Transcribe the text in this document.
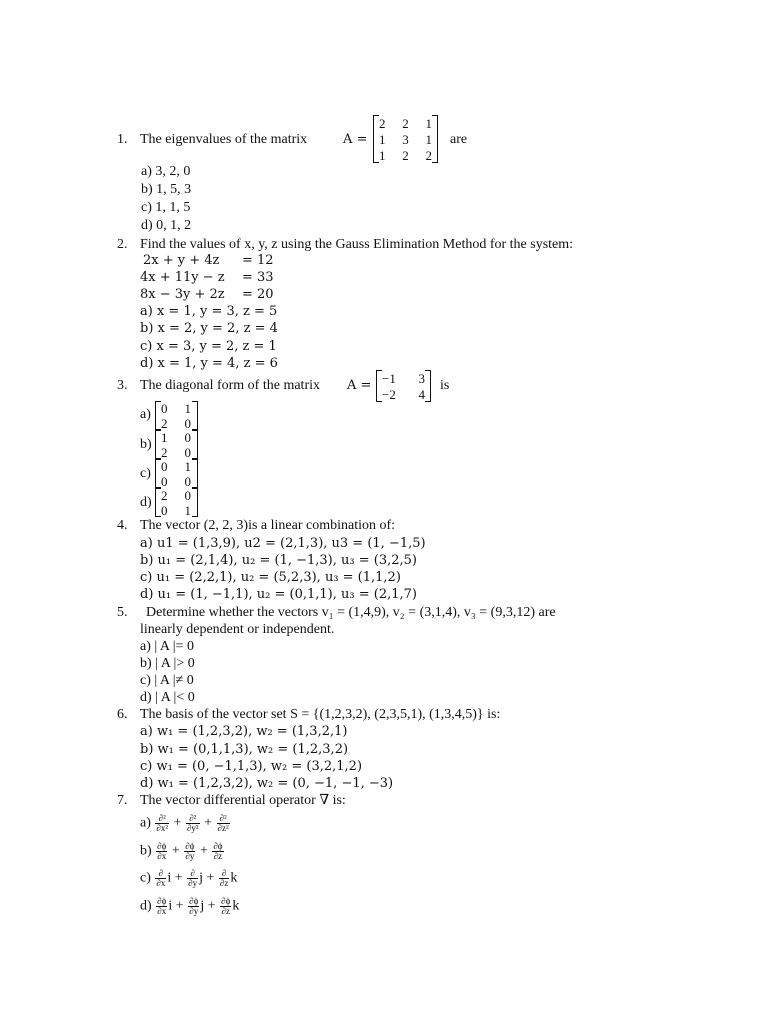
1. The eigenvalues of the matrix	A =	are
2 2 1
1 3 1
1 2 2
a) 3, 2, 0
b) 1, 5, 3
c) 1, 1, 5
d) 0, 1, 2
2. Find the values of x, y, z using the Gauss Elimination Method for the system:
2x + y + 4z = 12
4x + 11y − z = 33
8x − 3y + 2z = 20
a) x = 1, y = 3, z = 5
b) x = 2, y = 2, z = 4
c) x = 3, y = 2, z = 1
d) x = 1, y = 4, z = 6
3. The diagonal form of the matrix A =	is
−1 3
−2 4
a) 0 1
2 0
b) 1 0
2 0
c) 0 1
0 0
d) 2 0
0 1
4. The vector (2, 2, 3)is a linear combination of:
a) u1 = (1,3,9), u2 = (2,1,3), u3 = (1, −1,5)
b) u₁ = (2,1,4), u₂ = (1, −1,3), u₃ = (3,2,5)
c) u₁ = (2,2,1), u₂ = (5,2,3), u₃ = (1,1,2)
d) u₁ = (1, −1,1), u₂ = (0,1,1), u₃ = (2,1,7)
5. Determine whether the vectors v₁ = (1,4,9), v₂ = (3,1,4), v₃ = (9,3,12) are
linearly dependent or independent.
a) | A |= 0
b) | A |> 0
c) | A |≠ 0
d) | A |< 0
6. The basis of the vector set S = {(1,2,3,2), (2,3,5,1), (1,3,4,5)} is:
a) w₁ = (1,2,3,2), w₂ = (1,3,2,1)
b) w₁ = (0,1,1,3), w₂ = (1,2,3,2)
c) w₁ = (0, −1,1,3), w₂ = (3,2,1,2)
d) w₁ = (1,2,3,2), w₂ = (0, −1, −1, −3)
7. The vector differential operator ∇ is:
$a) \frac{\text{∂²}}{\text{∂x²}} + \frac{\text{∂²}}{\text{∂y²}} + \frac{\text{∂²}}{\text{∂z²}}$
$b) \frac{\partial\phi}{\partial x} + \frac{\partial\phi}{\partial y} + \frac{\partial\phi}{\partial z}$
$c) \frac{\partial}{\partial x}$ $i + \frac{\partial}{\partial y}$ $j + \frac{\partial}{\partial z}$ k
$d) \frac{\partial\phi}{\partial x}$ $i + \frac{\partial\phi}{\partial y}$ $j + \frac{\partial\phi}{\partial z}$ k
